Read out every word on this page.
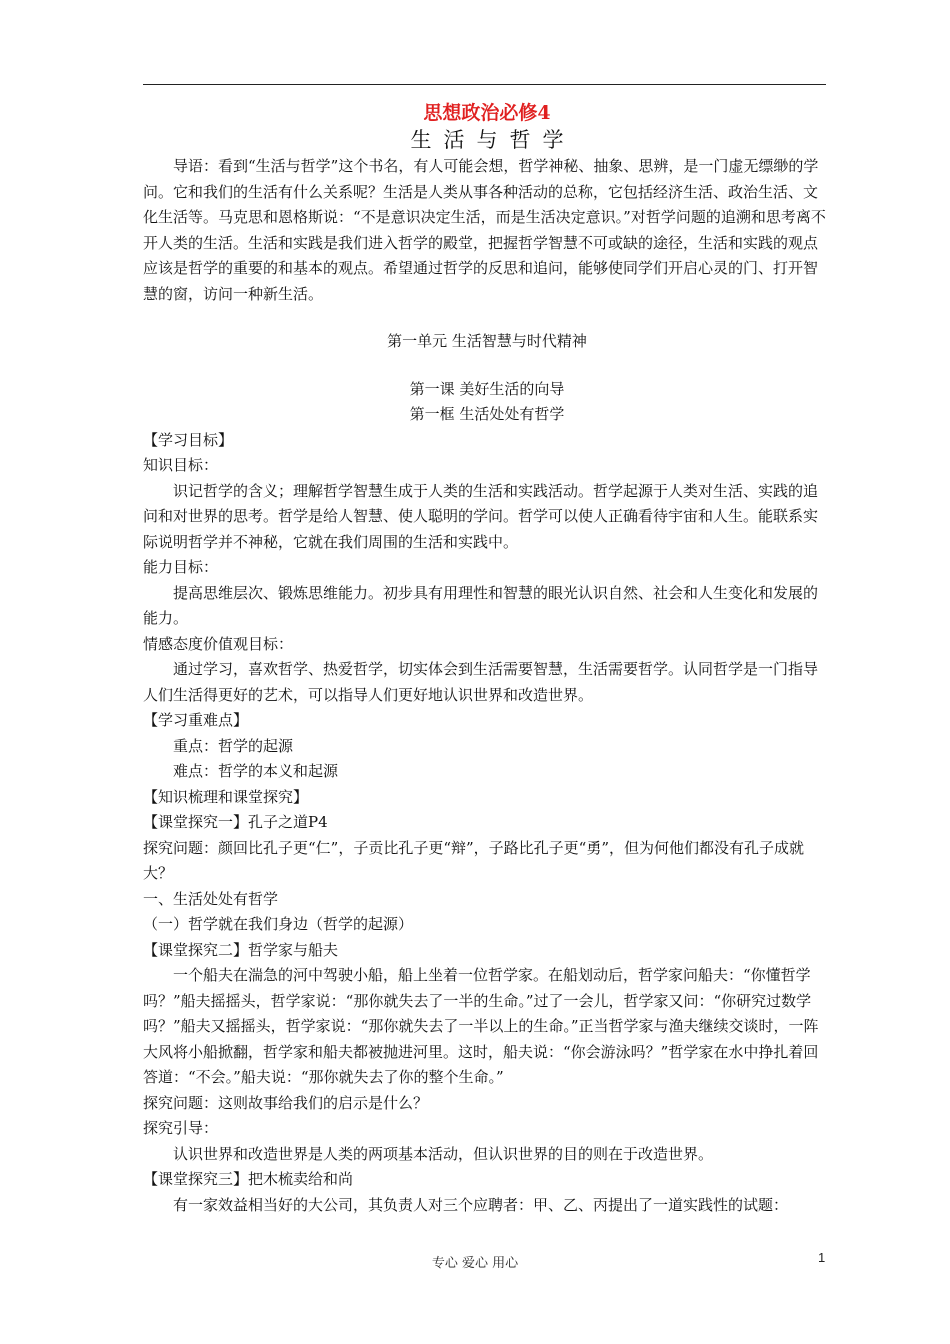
思想政治必修4

生活与哲学

导语：看到“生活与哲学”这个书名，有人可能会想，哲学神秘、抽象、思辨，是一门虚无缥缈的学问。它和我们的生活有什么关系呢？生活是人类从事各种活动的总称，它包括经济生活、政治生活、文化生活等。马克思和恩格斯说：“不是意识决定生活，而是生活决定意识。”对哲学问题的追溯和思考离不开人类的生活。生活和实践是我们进入哲学的殿堂，把握哲学智慧不可或缺的途径，生活和实践的观点应该是哲学的重要的和基本的观点。希望通过哲学的反思和追问，能够使同学们开启心灵的门、打开智慧的窗，访问一种新生活。

第一单元 生活智慧与时代精神

第一课 美好生活的向导

第一框 生活处处有哲学

【学习目标】

知识目标：

识记哲学的含义；理解哲学智慧生成于人类的生活和实践活动。哲学起源于人类对生活、实践的追问和对世界的思考。哲学是给人智慧、使人聪明的学问。哲学可以使人正确看待宇宙和人生。能联系实际说明哲学并不神秘，它就在我们周围的生活和实践中。

能力目标：

提高思维层次、锻炼思维能力。初步具有用理性和智慧的眼光认识自然、社会和人生变化和发展的能力。

情感态度价值观目标：

通过学习，喜欢哲学、热爱哲学，切实体会到生活需要智慧，生活需要哲学。认同哲学是一门指导人们生活得更好的艺术，可以指导人们更好地认识世界和改造世界。

【学习重难点】

重点：哲学的起源

难点：哲学的本义和起源

【知识梳理和课堂探究】

【课堂探究一】孔子之道P4

探究问题：颜回比孔子更“仁”，子贡比孔子更“辩”，子路比孔子更“勇”，但为何他们都没有孔子成就大？

一、生活处处有哲学

（一）哲学就在我们身边（哲学的起源）

【课堂探究二】哲学家与船夫

一个船夫在湍急的河中驾驶小船，船上坐着一位哲学家。在船划动后，哲学家问船夫：“你懂哲学吗？”船夫摇摇头，哲学家说：“那你就失去了一半的生命。”过了一会儿，哲学家又问：“你研究过数学吗？”船夫又摇摇头，哲学家说：“那你就失去了一半以上的生命。”正当哲学家与渔夫继续交谈时，一阵大风将小船掀翻，哲学家和船夫都被抛进河里。这时，船夫说：“你会游泳吗？”哲学家在水中挣扎着回答道：“不会。”船夫说：“那你就失去了你的整个生命。”

探究问题：这则故事给我们的启示是什么？

探究引导：

认识世界和改造世界是人类的两项基本活动，但认识世界的目的则在于改造世界。

【课堂探究三】把木梳卖给和尚

有一家效益相当好的大公司，其负责人对三个应聘者：甲、乙、丙提出了一道实践性的试题：

专心 爱心 用心	1
